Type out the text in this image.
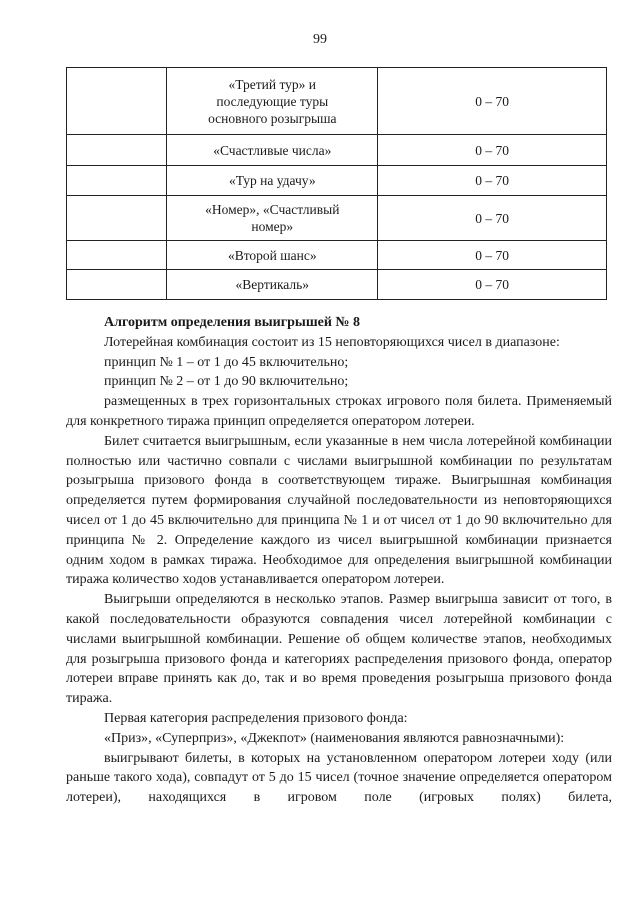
99
	«Третий тур» и последующие туры основного розыгрыша	0 – 70
	«Счастливые числа»	0 – 70
	«Тур на удачу»	0 – 70
	«Номер», «Счастливый номер»	0 – 70
	«Второй шанс»	0 – 70
	«Вертикаль»	0 – 70

Алгоритм определения выигрышей № 8

Лотерейная комбинация состоит из 15 неповторяющихся чисел в диапазоне:

принцип № 1 – от 1 до 45 включительно;

принцип № 2 – от 1 до 90 включительно;

размещенных в трех горизонтальных строках игрового поля билета. Применяемый для конкретного тиража принцип определяется оператором лотереи.

Билет считается выигрышным, если указанные в нем числа лотерейной комбинации полностью или частично совпали с числами выигрышной комбинации по результатам розыгрыша призового фонда в соответствующем тираже. Выигрышная комбинация определяется путем формирования случайной последовательности из неповторяющихся чисел от 1 до 45 включительно для принципа № 1 и от чисел от 1 до 90 включительно для принципа № 2. Определение каждого из чисел выигрышной комбинации признается одним ходом в рамках тиража. Необходимое для определения выигрышной комбинации тиража количество ходов устанавливается оператором лотереи.

Выигрыши определяются в несколько этапов. Размер выигрыша зависит от того, в какой последовательности образуются совпадения чисел лотерейной комбинации с числами выигрышной комбинации. Решение об общем количестве этапов, необходимых для розыгрыша призового фонда и категориях распределения призового фонда, оператор лотереи вправе принять как до, так и во время проведения розыгрыша призового фонда тиража.

Первая категория распределения призового фонда:

«Приз», «Суперприз», «Джекпот» (наименования являются равнозначными):

выигрывают билеты, в которых на установленном оператором лотереи ходу (или раньше такого хода), совпадут от 5 до 15 чисел (точное значение определяется оператором лотереи), находящихся в игровом поле (игровых полях) билета,
